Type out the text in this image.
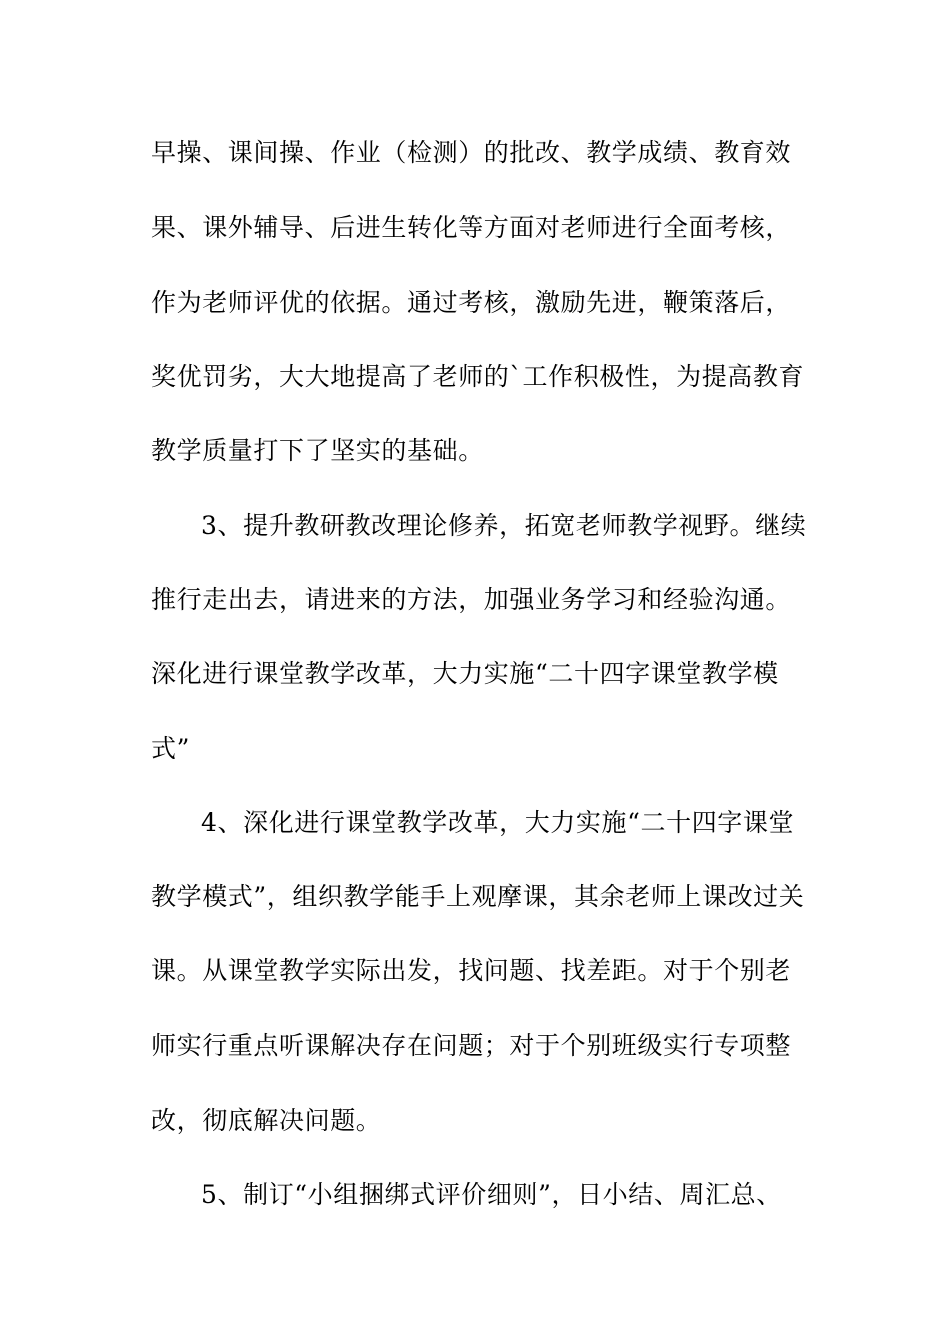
早操、课间操、作业（检测）的批改、教学成绩、教育效
果、课外辅导、后进生转化等方面对老师进行全面考核，
作为老师评优的依据。通过考核，激励先进，鞭策落后，
奖优罚劣，大大地提高了老师的`工作积极性，为提高教育
教学质量打下了坚实的基础。
3、提升教研教改理论修养，拓宽老师教学视野。继续
推行走出去，请进来的方法，加强业务学习和经验沟通。
深化进行课堂教学改革，大力实施“二十四字课堂教学模
式”
4、深化进行课堂教学改革，大力实施“二十四字课堂
教学模式”，组织教学能手上观摩课，其余老师上课改过关
课。从课堂教学实际出发，找问题、找差距。对于个别老
师实行重点听课解决存在问题；对于个别班级实行专项整
改，彻底解决问题。
5、制订“小组捆绑式评价细则”，日小结、周汇总、
